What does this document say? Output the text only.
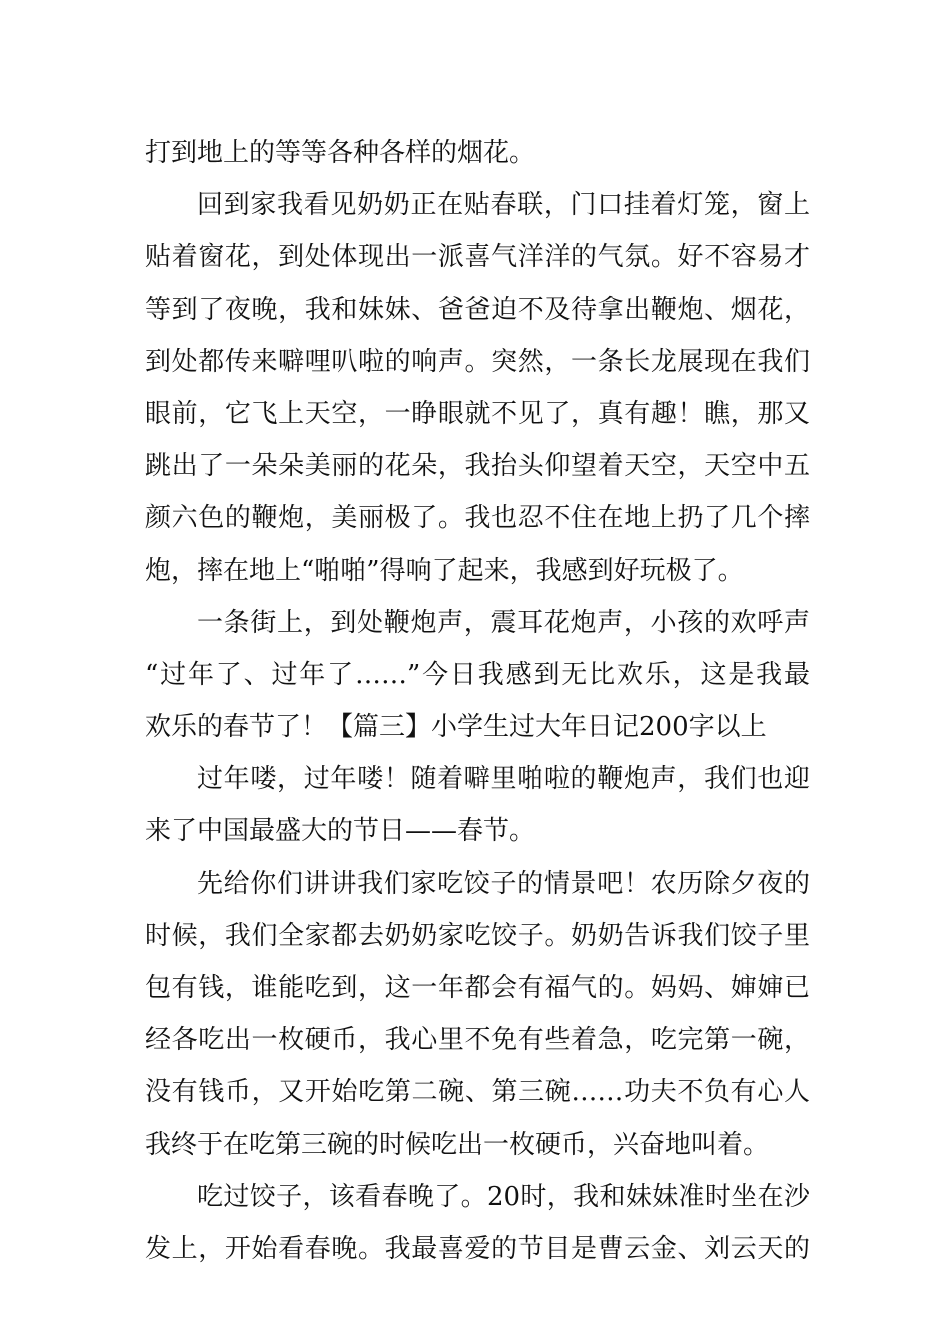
打到地上的等等各种各样的烟花。
回到家我看见奶奶正在贴春联，门口挂着灯笼，窗上
贴着窗花，到处体现出一派喜气洋洋的气氛。好不容易才
等到了夜晚，我和妹妹、爸爸迫不及待拿出鞭炮、烟花，
到处都传来噼哩叭啦的响声。突然，一条长龙展现在我们
眼前，它飞上天空，一睁眼就不见了，真有趣！瞧，那又
跳出了一朵朵美丽的花朵，我抬头仰望着天空，天空中五
颜六色的鞭炮，美丽极了。我也忍不住在地上扔了几个摔
炮，摔在地上“啪啪”得响了起来，我感到好玩极了。
一条街上，到处鞭炮声，震耳花炮声，小孩的欢呼声
“过年了、过年了……”今日我感到无比欢乐，这是我最
欢乐的春节了！【篇三】小学生过大年日记200字以上
过年喽，过年喽！随着噼里啪啦的鞭炮声，我们也迎
来了中国最盛大的节日——春节。
先给你们讲讲我们家吃饺子的情景吧！农历除夕夜的
时候，我们全家都去奶奶家吃饺子。奶奶告诉我们饺子里
包有钱，谁能吃到，这一年都会有福气的。妈妈、婶婶已
经各吃出一枚硬币，我心里不免有些着急，吃完第一碗，
没有钱币，又开始吃第二碗、第三碗……功夫不负有心人
我终于在吃第三碗的时候吃出一枚硬币，兴奋地叫着。
吃过饺子，该看春晚了。20时，我和妹妹准时坐在沙
发上，开始看春晚。我最喜爱的节目是曹云金、刘云天的
